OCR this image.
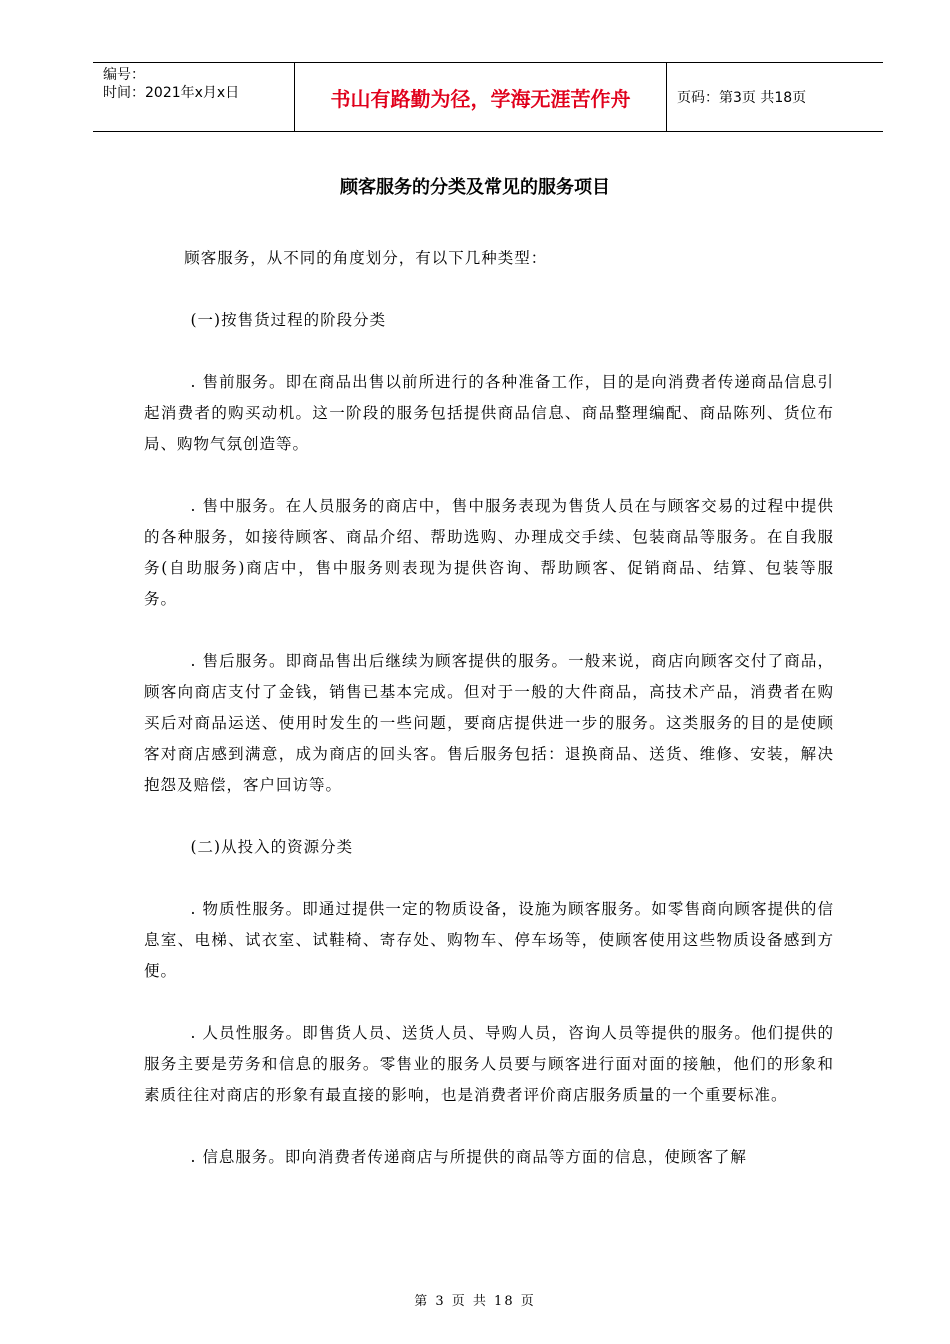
编号：
时间：2021年x月x日	书山有路勤为径，学海无涯苦作舟	页码：第3页 共18页
顾客服务的分类及常见的服务项目

顾客服务，从不同的角度划分，有以下几种类型：

(一)按售货过程的阶段分类

. 售前服务。即在商品出售以前所进行的各种准备工作，目的是向消费者传递商品信息引起消费者的购买动机。这一阶段的服务包括提供商品信息、商品整理编配、商品陈列、货位布局、购物气氛创造等。

. 售中服务。在人员服务的商店中，售中服务表现为售货人员在与顾客交易的过程中提供的各种服务，如接待顾客、商品介绍、帮助选购、办理成交手续、包装商品等服务。在自我服务(自助服务)商店中，售中服务则表现为提供咨询、帮助顾客、促销商品、结算、包装等服务。

. 售后服务。即商品售出后继续为顾客提供的服务。一般来说，商店向顾客交付了商品，顾客向商店支付了金钱，销售已基本完成。但对于一般的大件商品，高技术产品，消费者在购买后对商品运送、使用时发生的一些问题，要商店提供进一步的服务。这类服务的目的是使顾客对商店感到满意，成为商店的回头客。售后服务包括：退换商品、送货、维修、安装，解决抱怨及赔偿，客户回访等。

(二)从投入的资源分类

. 物质性服务。即通过提供一定的物质设备，设施为顾客服务。如零售商向顾客提供的信息室、电梯、试衣室、试鞋椅、寄存处、购物车、停车场等，使顾客使用这些物质设备感到方便。

. 人员性服务。即售货人员、送货人员、导购人员，咨询人员等提供的服务。他们提供的服务主要是劳务和信息的服务。零售业的服务人员要与顾客进行面对面的接触，他们的形象和素质往往对商店的形象有最直接的影响，也是消费者评价商店服务质量的一个重要标准。

. 信息服务。即向消费者传递商店与所提供的商品等方面的信息，使顾客了解

第 3 页 共 18 页
